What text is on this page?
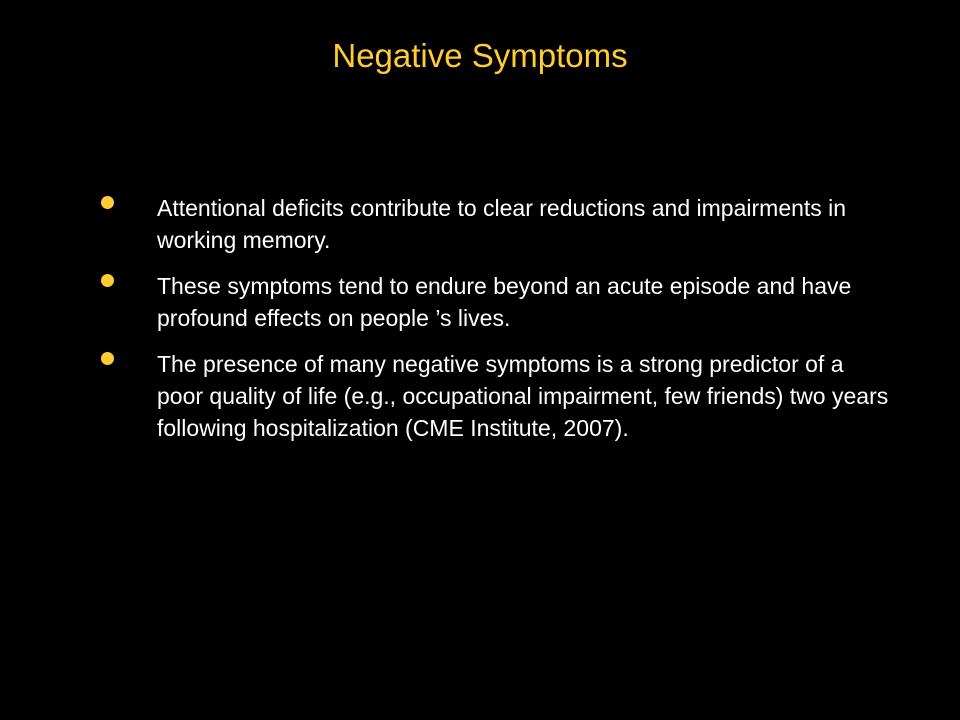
Negative Symptoms
Attentional deficits contribute to clear reductions and impairments in working memory.
These symptoms tend to endure beyond an acute episode and have profound effects on people ’s lives.
The presence of many negative symptoms is a strong predictor of a poor quality of life (e.g., occupational impairment, few friends) two years following hospitalization (CME Institute, 2007).
